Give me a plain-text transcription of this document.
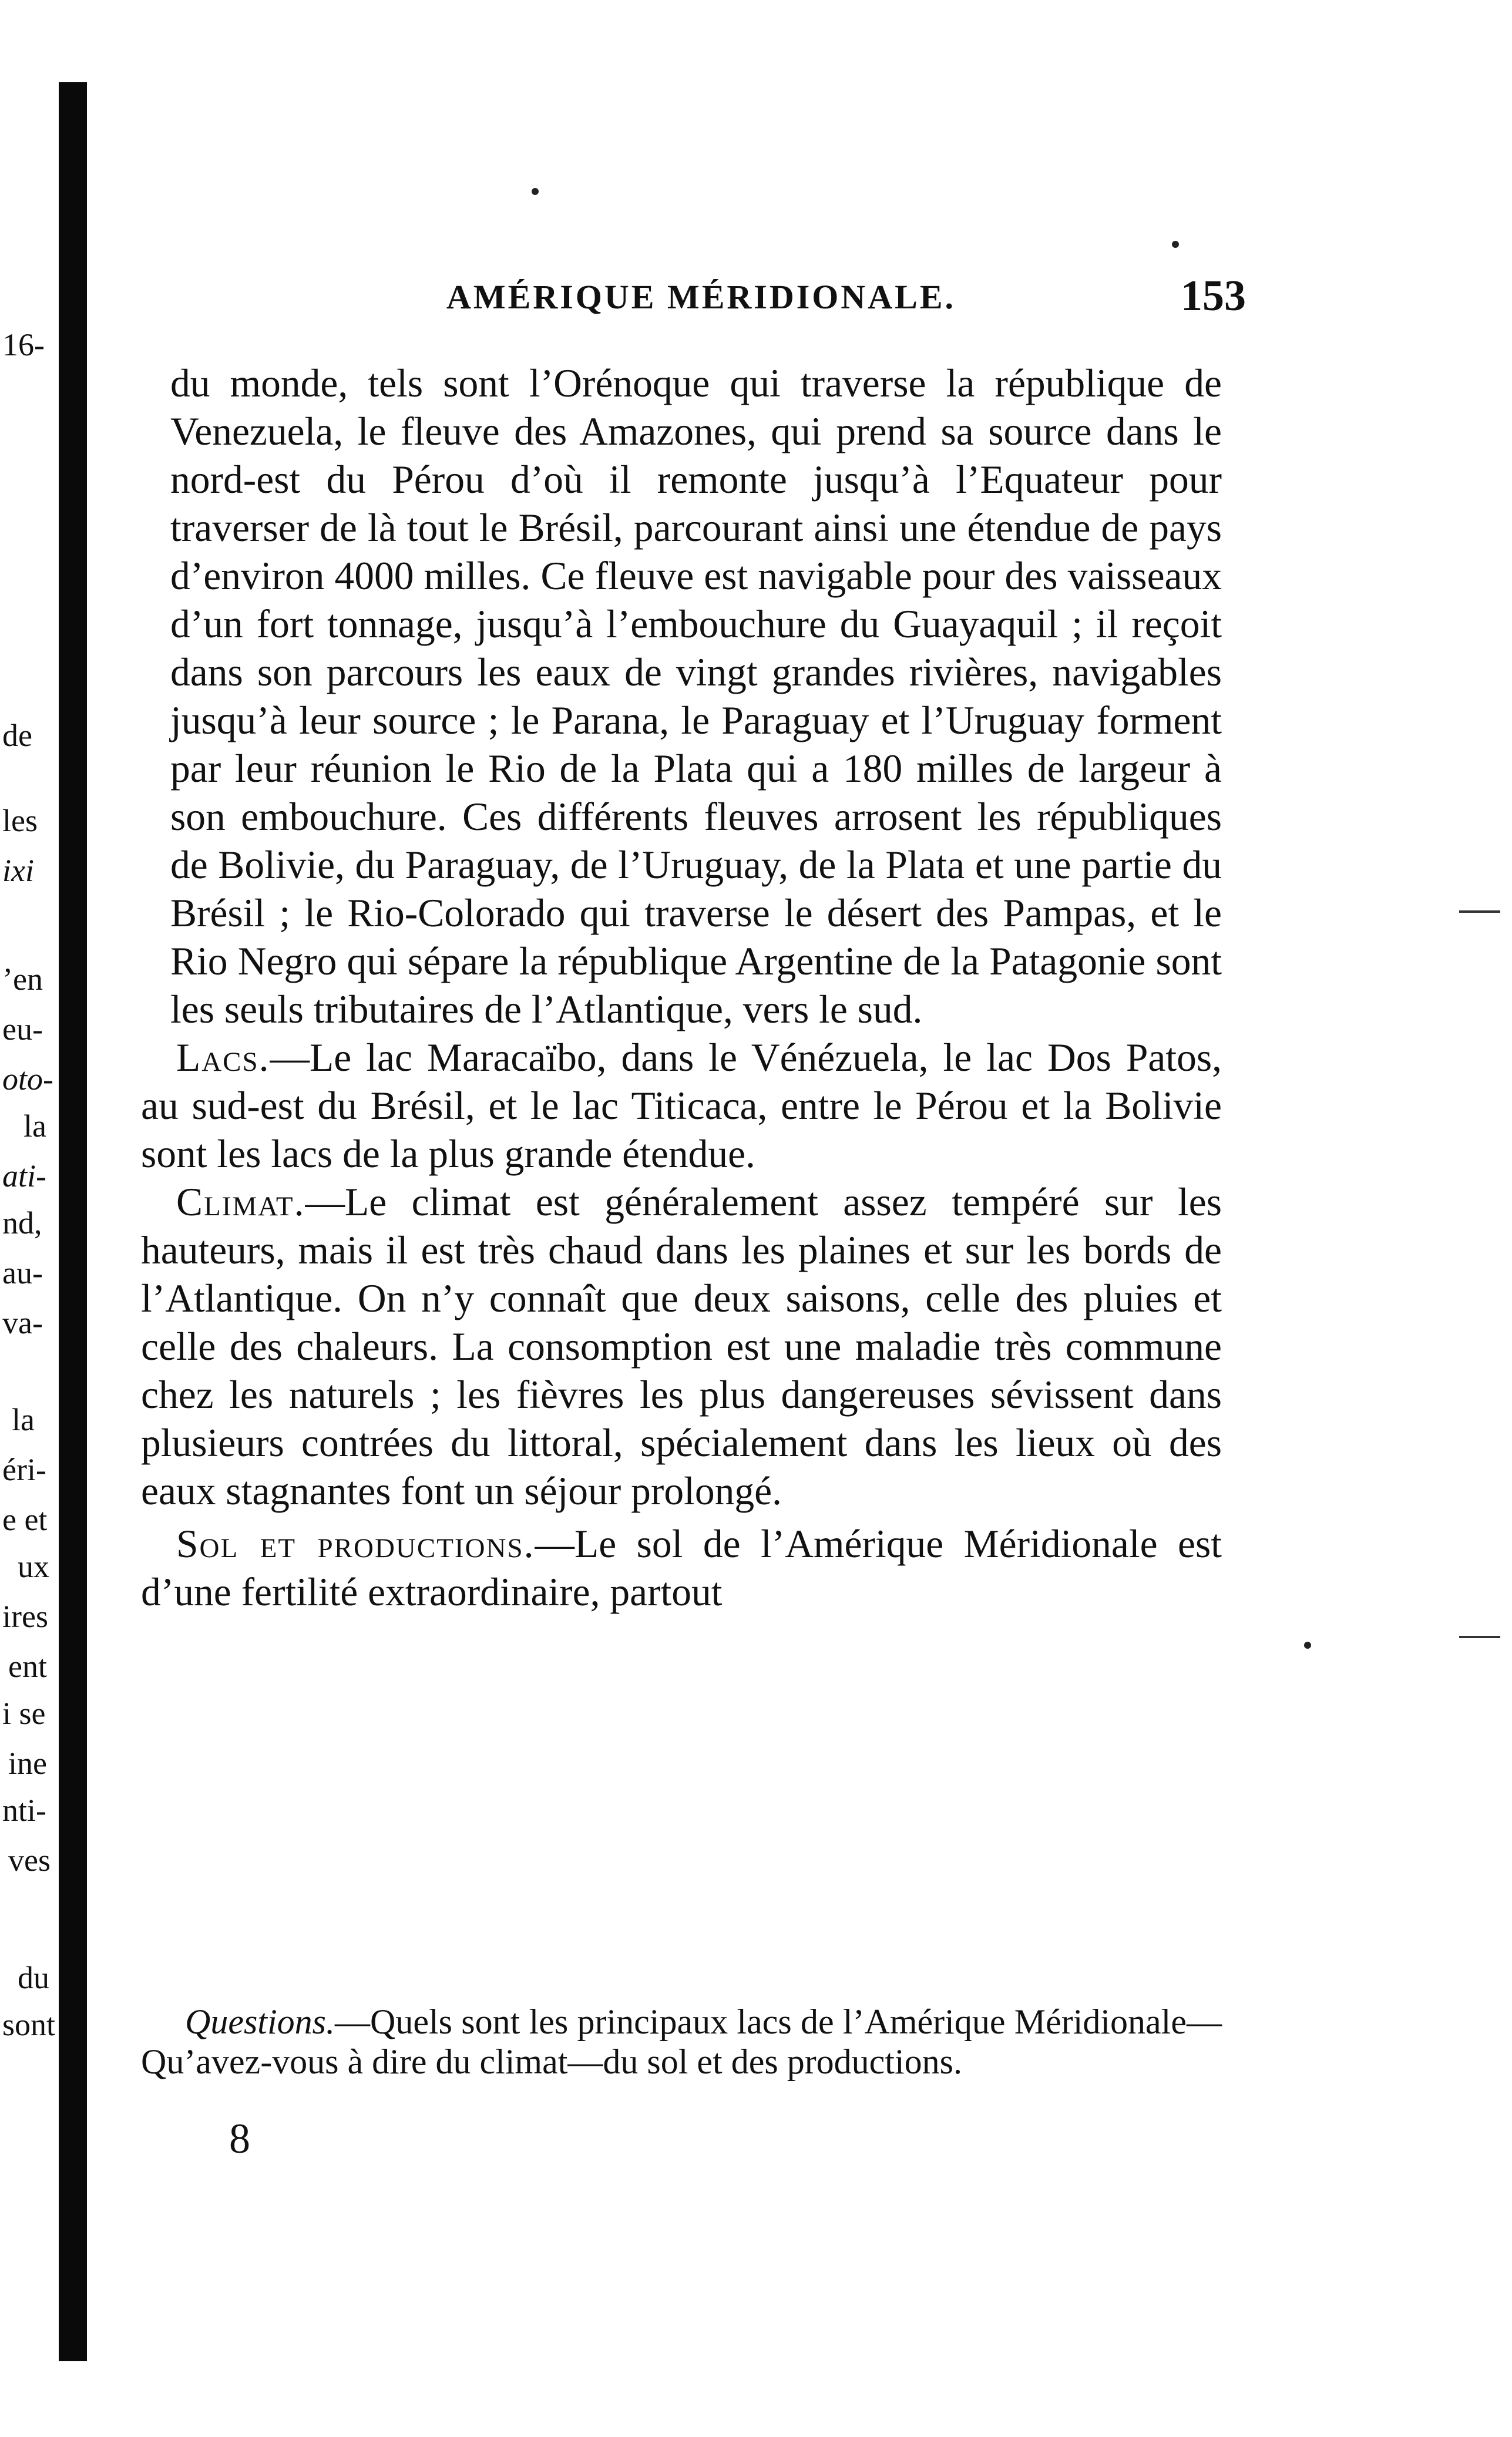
16-
de
les
ixi
’en
eu-
oto-
la
ati-
nd,
au-
va-
la
éri-
e et
ux
ires
ent
i se
ine
nti-
ves
du
sont
AMÉRIQUE MÉRIDIONALE.	153

du monde, tels sont l’Orénoque qui traverse la république de Venezuela, le fleuve des Amazones, qui prend sa source dans le nord-est du Pérou d’où il remonte jusqu’à l’Equateur pour traverser de là tout le Brésil, parcourant ainsi une étendue de pays d’environ 4000 milles. Ce fleuve est navigable pour des vaisseaux d’un fort tonnage, jusqu’à l’embouchure du Guayaquil ; il reçoit dans son parcours les eaux de vingt grandes rivières, navigables jusqu’à leur source ; le Parana, le Paraguay et l’Uruguay forment par leur réunion le Rio de la Plata qui a 180 milles de largeur à son embouchure. Ces différents fleuves arrosent les républiques de Bolivie, du Paraguay, de l’Uruguay, de la Plata et une partie du Brésil ; le Rio-Colorado qui traverse le désert des Pampas, et le Rio Negro qui sépare la république Argentine de la Patagonie sont les seuls tributaires de l’Atlantique, vers le sud.

Lacs.—Le lac Maracaïbo, dans le Vénézuela, le lac Dos Patos, au sud-est du Brésil, et le lac Titicaca, entre le Pérou et la Bolivie sont les lacs de la plus grande étendue.

Climat.—Le climat est généralement assez tempéré sur les hauteurs, mais il est très chaud dans les plaines et sur les bords de l’Atlantique. On n’y connaît que deux saisons, celle des pluies et celle des chaleurs. La consomption est une maladie très commune chez les naturels ; les fièvres les plus dangereuses sévissent dans plusieurs contrées du littoral, spécialement dans les lieux où des eaux stagnantes font un séjour prolongé.

Sol et productions.—Le sol de l’Amérique Méridionale est d’une fertilité extraordinaire, partout

Questions.—Quels sont les principaux lacs de l’Amérique Méridionale—Qu’avez-vous à dire du climat—du sol et des productions.

8
